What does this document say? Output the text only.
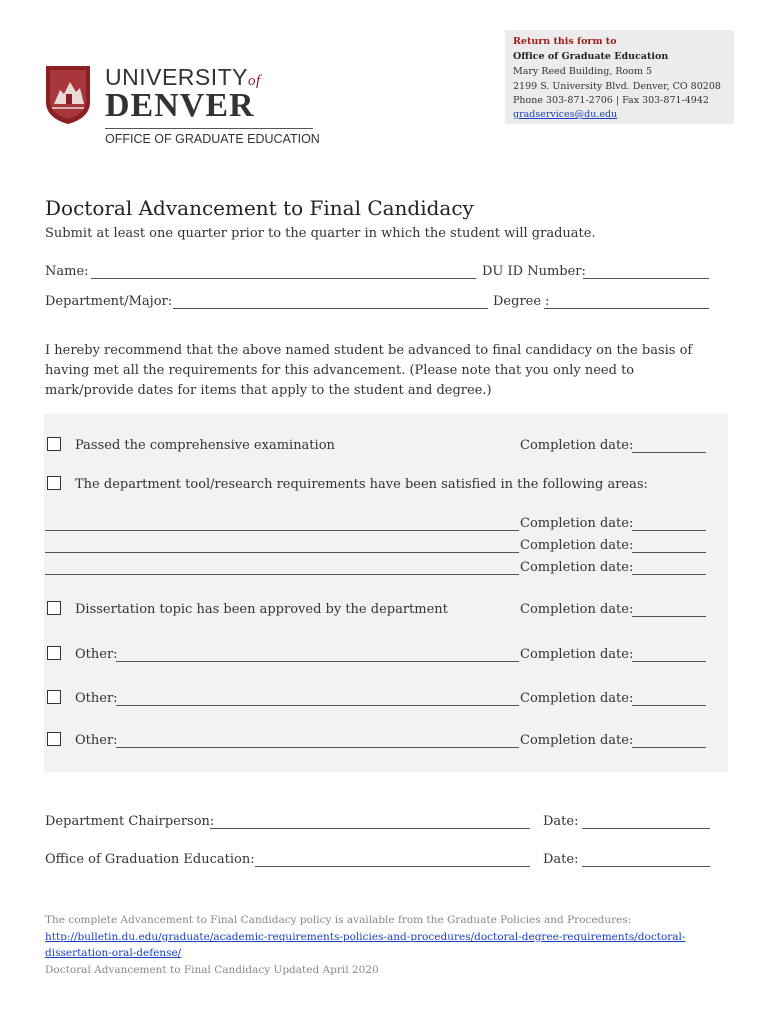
UNIVERSITYof
DENVER
OFFICE OF GRADUATE EDUCATION
Return this form to
Office of Graduate Education
Mary Reed Building, Room 5
2199 S. University Blvd. Denver, CO 80208
Phone 303-871-2706 | Fax 303-871-4942
gradservices@du.edu
Doctoral Advancement to Final Candidacy
Submit at least one quarter prior to the quarter in which the student will graduate.
Name:	DU ID Number:
Department/Major:	Degree :
I hereby recommend that the above named student be advanced to final candidacy on the basis of having met all the requirements for this advancement. (Please note that you only need to mark/provide dates for items that apply to the student and degree.)
Passed the comprehensive examination	Completion date:
The department tool/research requirements have been satisfied in the following areas:
Completion date:
Completion date:
Completion date:
Dissertation topic has been approved by the department	Completion date:
Other:	Completion date:
Other:	Completion date:
Other:	Completion date:
Department Chairperson:	Date:
Office of Graduation Education:	Date:
The complete Advancement to Final Candidacy policy is available from the Graduate Policies and Procedures:
http://bulletin.du.edu/graduate/academic-requirements-policies-and-procedures/doctoral-degree-requirements/doctoral-
dissertation-oral-defense/
Doctoral Advancement to Final Candidacy Updated April 2020
